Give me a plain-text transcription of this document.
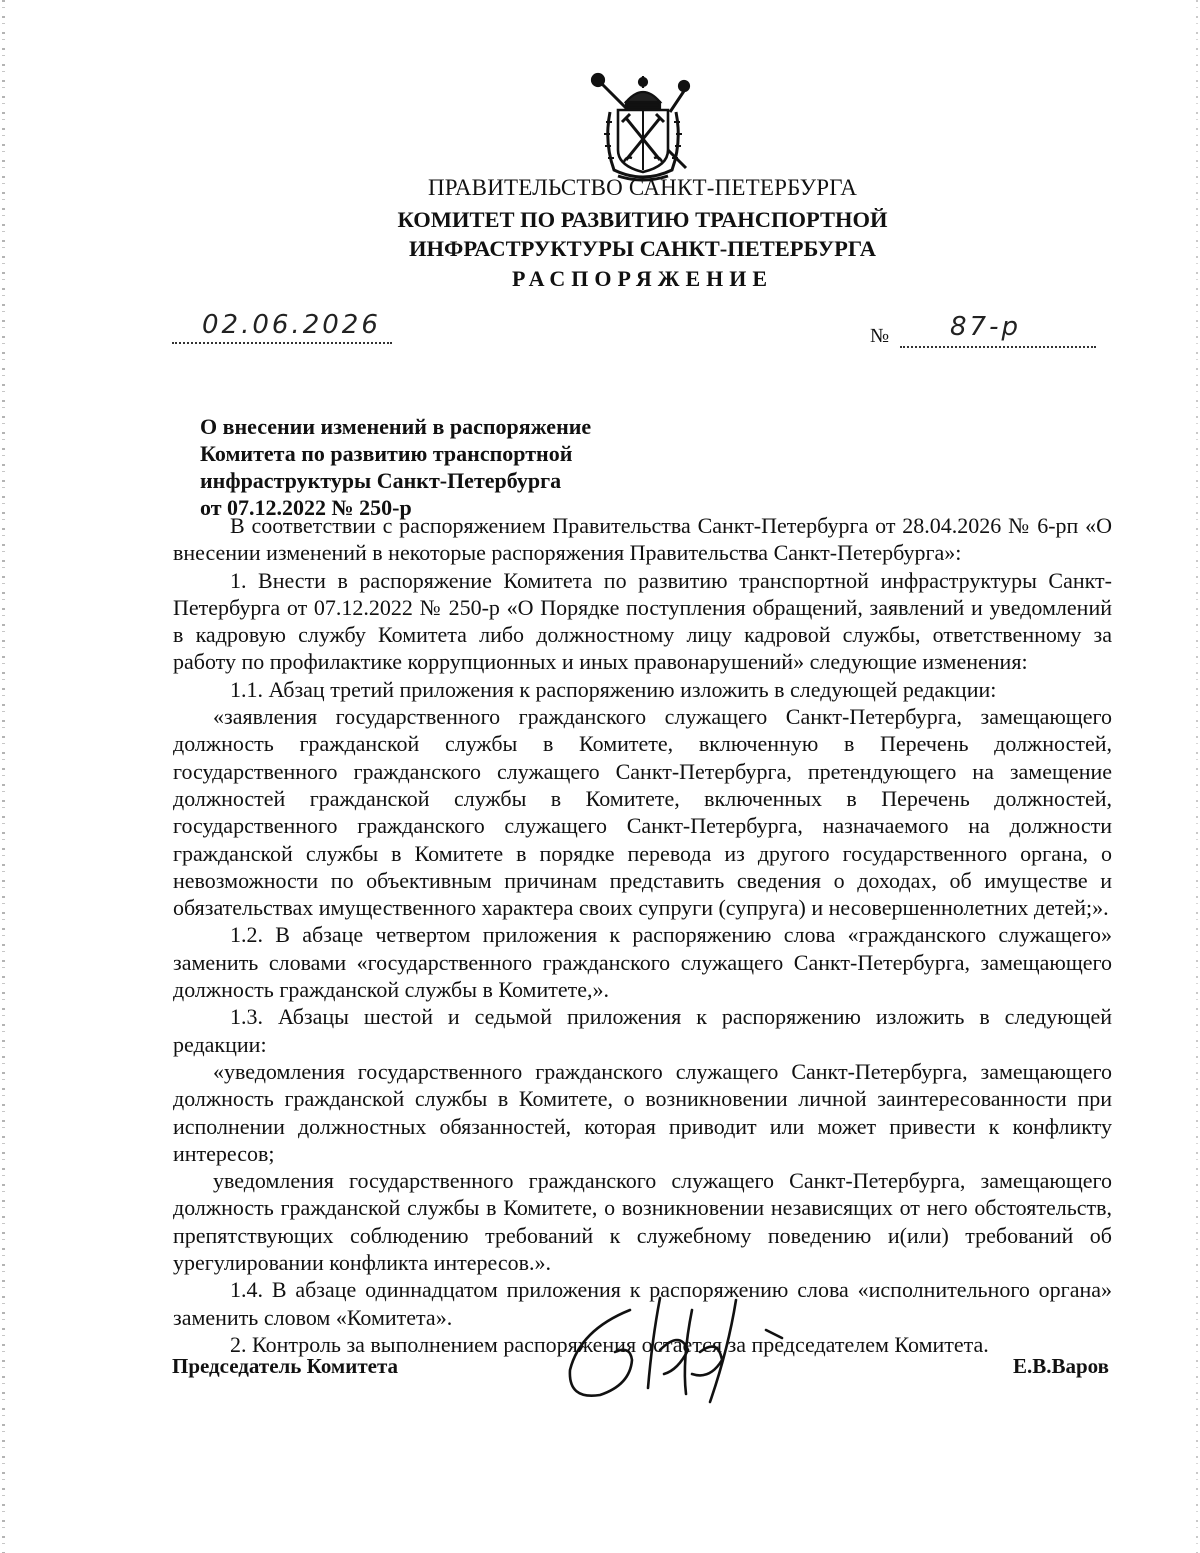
ПРАВИТЕЛЬСТВО САНКТ-ПЕТЕРБУРГА

КОМИТЕТ ПО РАЗВИТИЮ ТРАНСПОРТНОЙ
ИНФРАСТРУКТУРЫ САНКТ-ПЕТЕРБУРГА

РАСПОРЯЖЕНИЕ

02.06.2026	№ 87-р
О внесении изменений в распоряжение
Комитета по развитию транспортной
инфраструктуры Санкт-Петербурга
от 07.12.2022 № 250-р

В соответствии с распоряжением Правительства Санкт-Петербурга от 28.04.2026 № 6-рп «О внесении изменений в некоторые распоряжения Правительства Санкт-Петербурга»:

1. Внести в распоряжение Комитета по развитию транспортной инфраструктуры Санкт-Петербурга от 07.12.2022 № 250-р «О Порядке поступления обращений, заявлений и уведомлений в кадровую службу Комитета либо должностному лицу кадровой службы, ответственному за работу по профилактике коррупционных и иных правонарушений» следующие изменения:

1.1. Абзац третий приложения к распоряжению изложить в следующей редакции:

«заявления государственного гражданского служащего Санкт-Петербурга, замещающего должность гражданской службы в Комитете, включенную в Перечень должностей, государственного гражданского служащего Санкт-Петербурга, претендующего на замещение должностей гражданской службы в Комитете, включенных в Перечень должностей, государственного гражданского служащего Санкт-Петербурга, назначаемого на должности гражданской службы в Комитете в порядке перевода из другого государственного органа, о невозможности по объективным причинам представить сведения о доходах, об имуществе и обязательствах имущественного характера своих супруги (супруга) и несовершеннолетних детей;».

1.2. В абзаце четвертом приложения к распоряжению слова «гражданского служащего» заменить словами «государственного гражданского служащего Санкт-Петербурга, замещающего должность гражданской службы в Комитете,».

1.3. Абзацы шестой и седьмой приложения к распоряжению изложить в следующей редакции:

«уведомления государственного гражданского служащего Санкт-Петербурга, замещающего должность гражданской службы в Комитете, о возникновении личной заинтересованности при исполнении должностных обязанностей, которая приводит или может привести к конфликту интересов;

уведомления государственного гражданского служащего Санкт-Петербурга, замещающего должность гражданской службы в Комитете, о возникновении независящих от него обстоятельств, препятствующих соблюдению требований к служебному поведению и(или) требований об урегулировании конфликта интересов.».

1.4. В абзаце одиннадцатом приложения к распоряжению слова «исполнительного органа» заменить словом «Комитета».

2. Контроль за выполнением распоряжения остается за председателем Комитета.

Председатель Комитета	Е.В.Варов
